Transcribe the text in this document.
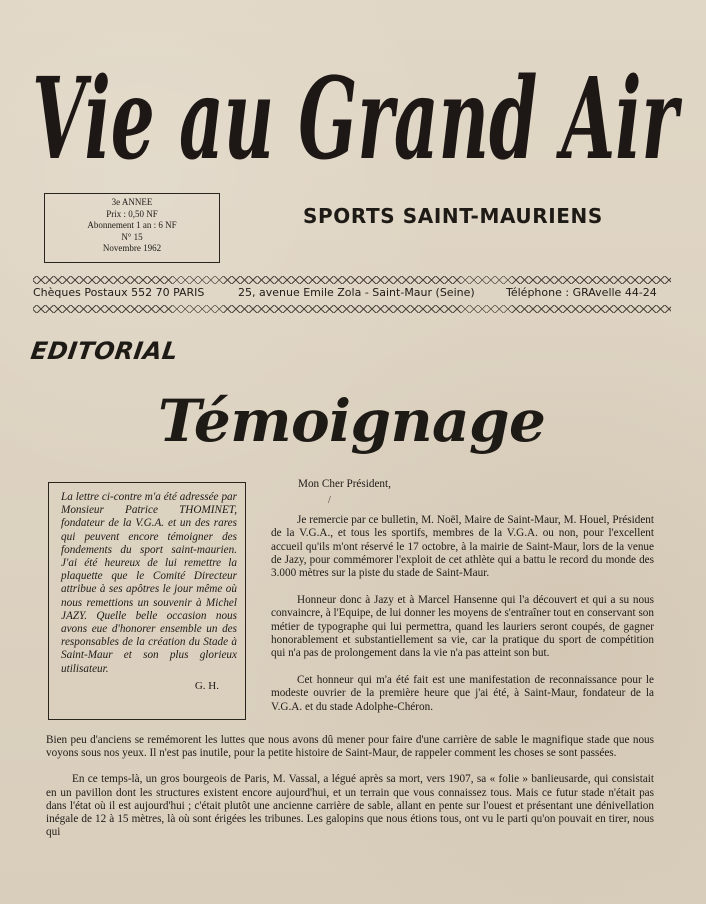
Vie au Grand Air
3e ANNEE
Prix : 0,50 NF
Abonnement 1 an : 6 NF
N° 15
Novembre 1962
SPORTS SAINT-MAURIENS
Chèques Postaux 552 70 PARIS	25, avenue Emile Zola - Saint-Maur (Seine)	Téléphone : GRAvelle 44-24
EDITORIAL
Témoignage

La lettre ci-contre m'a été adressée par Monsieur Patrice THOMINET, fondateur de la V.G.A. et un des rares qui peuvent encore témoigner des fondements du sport saint-maurien. J'ai été heureux de lui remettre la plaquette que le Comité Directeur attribue à ses apôtres le jour même où nous remettions un souvenir à Michel JAZY. Quelle belle occasion nous avons eue d'honorer ensemble un des responsables de la création du Stade à Saint-Maur et son plus glorieux utilisateur.

G. H.

Mon Cher Président,

/

Je remercie par ce bulletin, M. Noël, Maire de Saint-Maur, M. Houel, Président de la V.G.A., et tous les sportifs, membres de la V.G.A. ou non, pour l'excellent accueil qu'ils m'ont réservé le 17 octobre, à la mairie de Saint-Maur, lors de la venue de Jazy, pour commémorer l'exploit de cet athlète qui a battu le record du monde des 3.000 mètres sur la piste du stade de Saint-Maur.

Honneur donc à Jazy et à Marcel Hansenne qui l'a découvert et qui a su nous convaincre, à l'Equipe, de lui donner les moyens de s'entraîner tout en conservant son métier de typographe qui lui permettra, quand les lauriers seront coupés, de gagner honorablement et substantiellement sa vie, car la pratique du sport de compétition qui n'a pas de prolongement dans la vie n'a pas atteint son but.

Cet honneur qui m'a été fait est une manifestation de reconnaissance pour le modeste ouvrier de la première heure que j'ai été, à Saint-Maur, fondateur de la V.G.A. et du stade Adolphe-Chéron.

Bien peu d'anciens se remémorent les luttes que nous avons dû mener pour faire d'une carrière de sable le magnifique stade que nous voyons sous nos yeux. Il n'est pas inutile, pour la petite histoire de Saint-Maur, de rappeler comment les choses se sont passées.

En ce temps-là, un gros bourgeois de Paris, M. Vassal, a légué après sa mort, vers 1907, sa « folie » banlieusarde, qui consistait en un pavillon dont les structures existent encore aujourd'hui, et un terrain que vous connaissez tous. Mais ce futur stade n'était pas dans l'état où il est aujourd'hui ; c'était plutôt une ancienne carrière de sable, allant en pente sur l'ouest et présentant une dénivellation inégale de 12 à 15 mètres, là où sont érigées les tribunes. Les galopins que nous étions tous, ont vu le parti qu'on pouvait en tirer, nous qui
